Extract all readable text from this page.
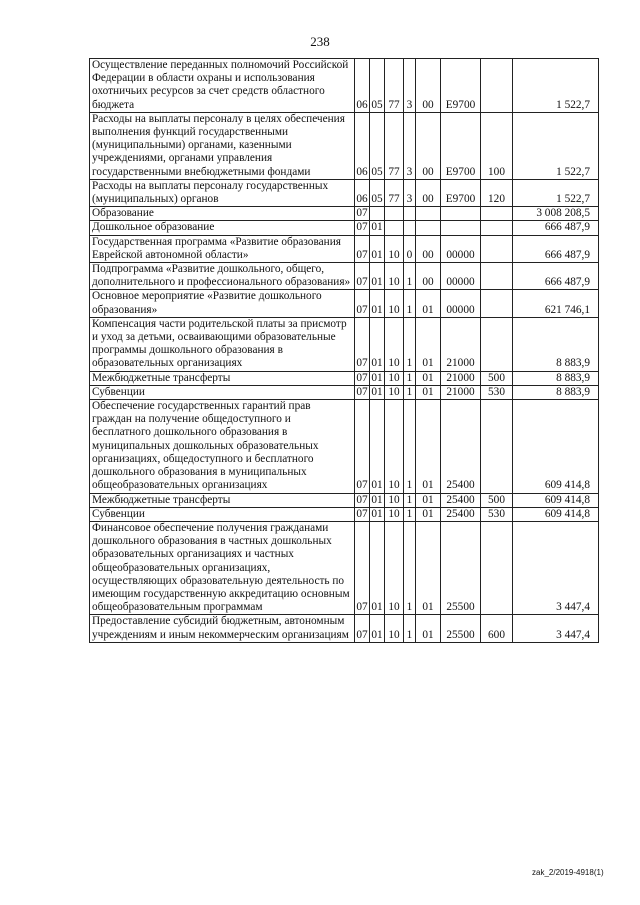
238
Осуществление переданных полномочий Российской Федерации в области охраны и использования охотничьих ресурсов за счет средств областного бюджета	06	05	77	3	00	E9700		1 522,7
Расходы на выплаты персоналу в целях обеспечения выполнения функций государственными (муниципальными) органами, казенными учреждениями, органами управления государственными внебюджетными фондами	06	05	77	3	00	E9700	100	1 522,7
Расходы на выплаты персоналу государственных (муниципальных) органов	06	05	77	3	00	E9700	120	1 522,7
Образование	07							3 008 208,5
Дошкольное образование	07	01						666 487,9
Государственная программа «Развитие образования Еврейской автономной области»	07	01	10	0	00	00000		666 487,9
Подпрограмма «Развитие дошкольного, общего, дополнительного и профессионального образования»	07	01	10	1	00	00000		666 487,9
Основное мероприятие «Развитие дошкольного образования»	07	01	10	1	01	00000		621 746,1
Компенсация части родительской платы за присмотр и уход за детьми, осваивающими образовательные программы дошкольного образования в образовательных организациях	07	01	10	1	01	21000		8 883,9
Межбюджетные трансферты	07	01	10	1	01	21000	500	8 883,9
Субвенции	07	01	10	1	01	21000	530	8 883,9
Обеспечение государственных гарантий прав граждан на получение общедоступного и бесплатного дошкольного образования в муниципальных дошкольных образовательных организациях, общедоступного и бесплатного дошкольного образования в муниципальных общеобразовательных организациях	07	01	10	1	01	25400		609 414,8
Межбюджетные трансферты	07	01	10	1	01	25400	500	609 414,8
Субвенции	07	01	10	1	01	25400	530	609 414,8
Финансовое обеспечение получения гражданами дошкольного образования в частных дошкольных образовательных организациях и частных общеобразовательных организациях, осуществляющих образовательную деятельность по имеющим государственную аккредитацию основным общеобразовательным программам	07	01	10	1	01	25500		3 447,4
Предоставление субсидий бюджетным, автономным учреждениям и иным некоммерческим организациям	07	01	10	1	01	25500	600	3 447,4
zak_2/2019-4918(1)
